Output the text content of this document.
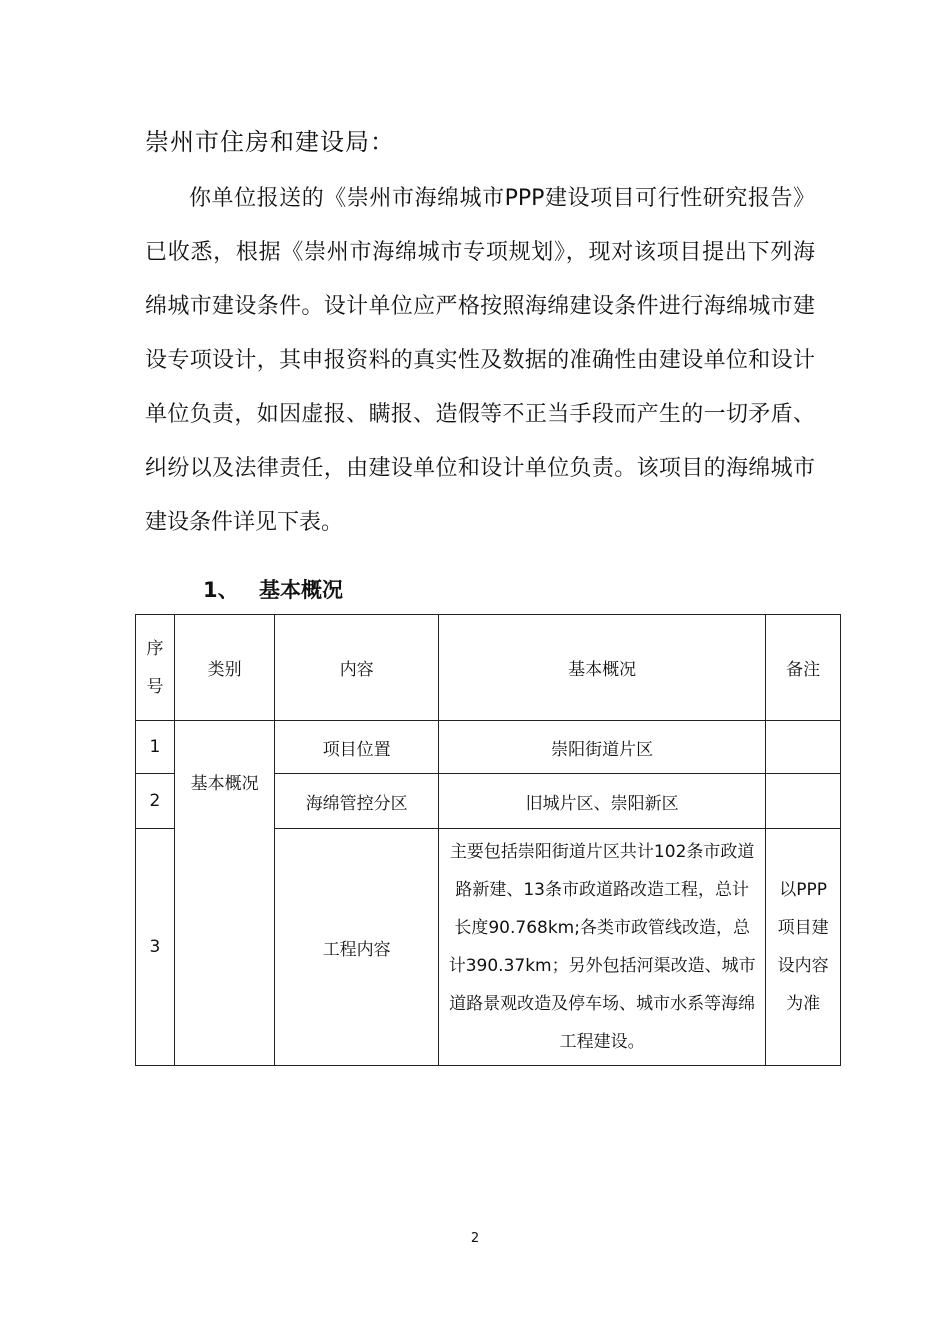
崇州市住房和建设局：
你单位报送的《崇州市海绵城市PPP建设项目可行性研究报告》已收悉，根据《崇州市海绵城市专项规划》，现对该项目提出下列海绵城市建设条件。设计单位应严格按照海绵建设条件进行海绵城市建设专项设计，其申报资料的真实性及数据的准确性由建设单位和设计单位负责，如因虚报、瞒报、造假等不正当手段而产生的一切矛盾、纠纷以及法律责任，由建设单位和设计单位负责。该项目的海绵城市建设条件详见下表。
1、 基本概况
序号	类别	内容	基本概况	备注
1	基本概况	项目位置	崇阳街道片区	
2		海绵管控分区	旧城片区、崇阳新区	
3		工程内容	主要包括崇阳街道片区共计102条市政道路新建、13条市政道路改造工程，总计长度90.768km;各类市政管线改造，总计390.37km；另外包括河渠改造、城市道路景观改造及停车场、城市水系等海绵工程建设。	以PPP项目建设内容为准
2
